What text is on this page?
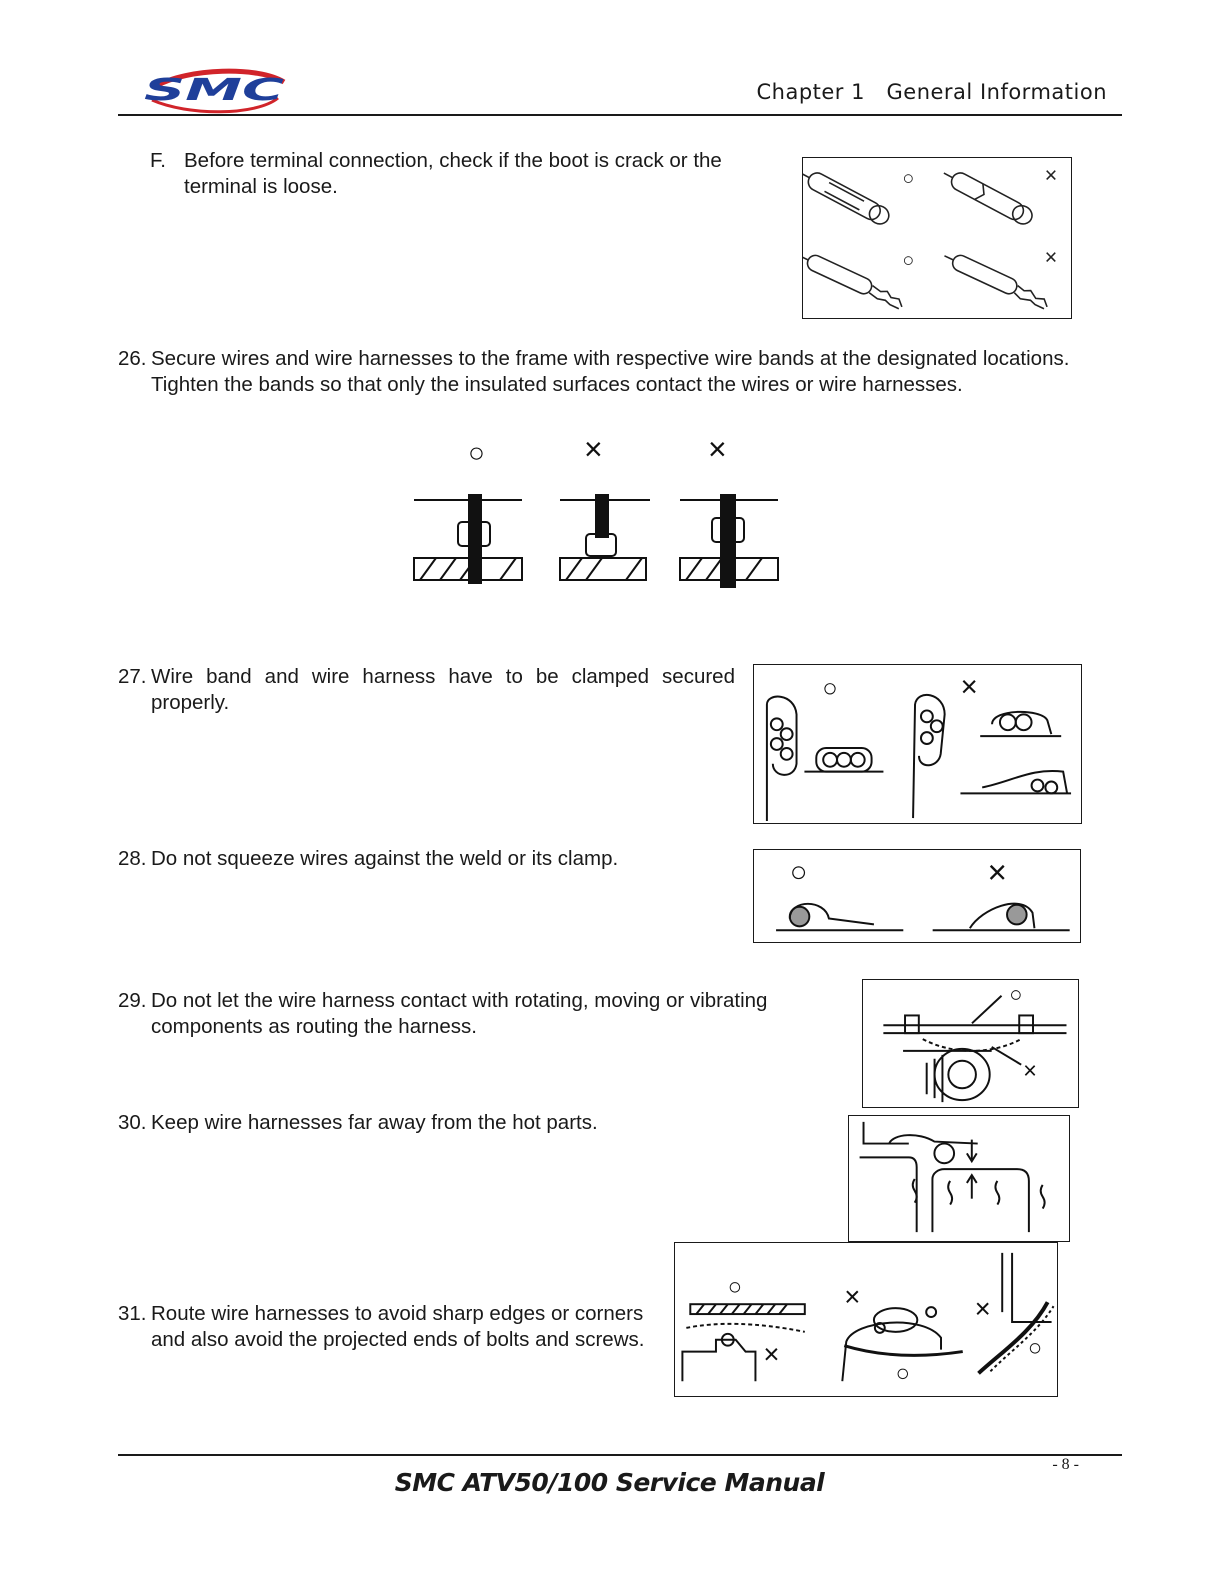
SMC	Chapter 1   General Information
F. Before terminal connection, check if the boot is crack or the terminal is loose.	○	×
○	×
26. Secure wires and wire harnesses to the frame with respective wire bands at the designated locations. Tighten the bands so that only the insulated surfaces contact the wires or wire harnesses.
○	×	×
27. Wire band and wire harness have to be clamped secured properly.	○	×
28. Do not squeeze wires against the weld or its clamp.	○	×
29. Do not let the wire harness contact with rotating, moving or vibrating components as routing the harness.
○
×
30. Keep wire harnesses far away from the hot parts.
31. Route wire harnesses to avoid sharp edges or corners and also avoid the projected ends of bolts and screws.
○
×
×
○
×
○
- 8 -
SMC ATV50/100 Service Manual
